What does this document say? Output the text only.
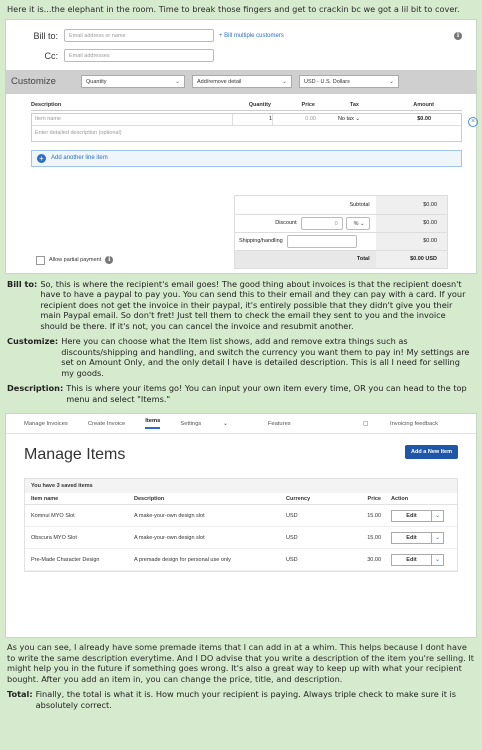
Here it is...the elephant in the room. Time to break those fingers and get to crackin bc we got a lil bit to cover.

Bill to:	Email address or name	+ Bill multiple customers	i
Cc:	Email addresses
Customize	Quantity	⌄	Add/remove detail	⌄	USD - U.S. Dollars	⌄
Description	Quantity	Price	Tax	Amount
Item name	1	0.00	No tax ⌄	$0.00
Enter detailed description (optional)
×
+	Add another line item
Subtotal	$0.00
Discount	0	% ⌄	$0.00
Shipping/handling	$0.00
Total	$0.00 USD
Allow partial payment	i
Bill to: So, this is where the recipient's email goes! The good thing about invoices is that the recipient doesn't have to have a paypal to pay you. You can send this to their email and they can pay with a card. If your recipient does not get the invoice in their paypal, it's entirely possible that they didn't give you their main Paypal email. So don't fret! Just tell them to check the email they sent to you and the invoice should be there. If it's not, you can cancel the invoice and resubmit another.
Customize: Here you can choose what the Item list shows, add and remove extra things such as discounts/shipping and handling, and switch the currency you want them to pay in! My settings are set on Amount Only, and the only detail I have is detailed description. This is all I need for selling my goods.
Description: This is where your items go! You can input your own item every time, OR you can head to the top menu and select "Items."
Manage Invoices	Create Invoice	Items	Settings	⌄	Features	▢	Invoicing feedback
Manage Items	Add a New Item
You have 3 saved items
Item name	Description	Currency	Price	Action
Komnui MYO Slot	A make-your-own design slot	USD	15.00	Edit	⌄
Obscura MYO Slot	A make-your-own design slot	USD	15.00	Edit	⌄
Pre-Made Character Design	A premade design for personal use only	USD	30.00	Edit	⌄

As you can see, I already have some premade items that I can add in at a whim. This helps because I dont have to write the same description everytime. And I DO advise that you write a description of the item you're selling. It might help you in the future if something goes wrong. It's also a great way to keep up with what your recipient bought. After you add an item in, you can change the price, title, and description.

Total: Finally, the total is what it is. How much your recipient is paying. Always triple check to make sure it is absolutely correct.
